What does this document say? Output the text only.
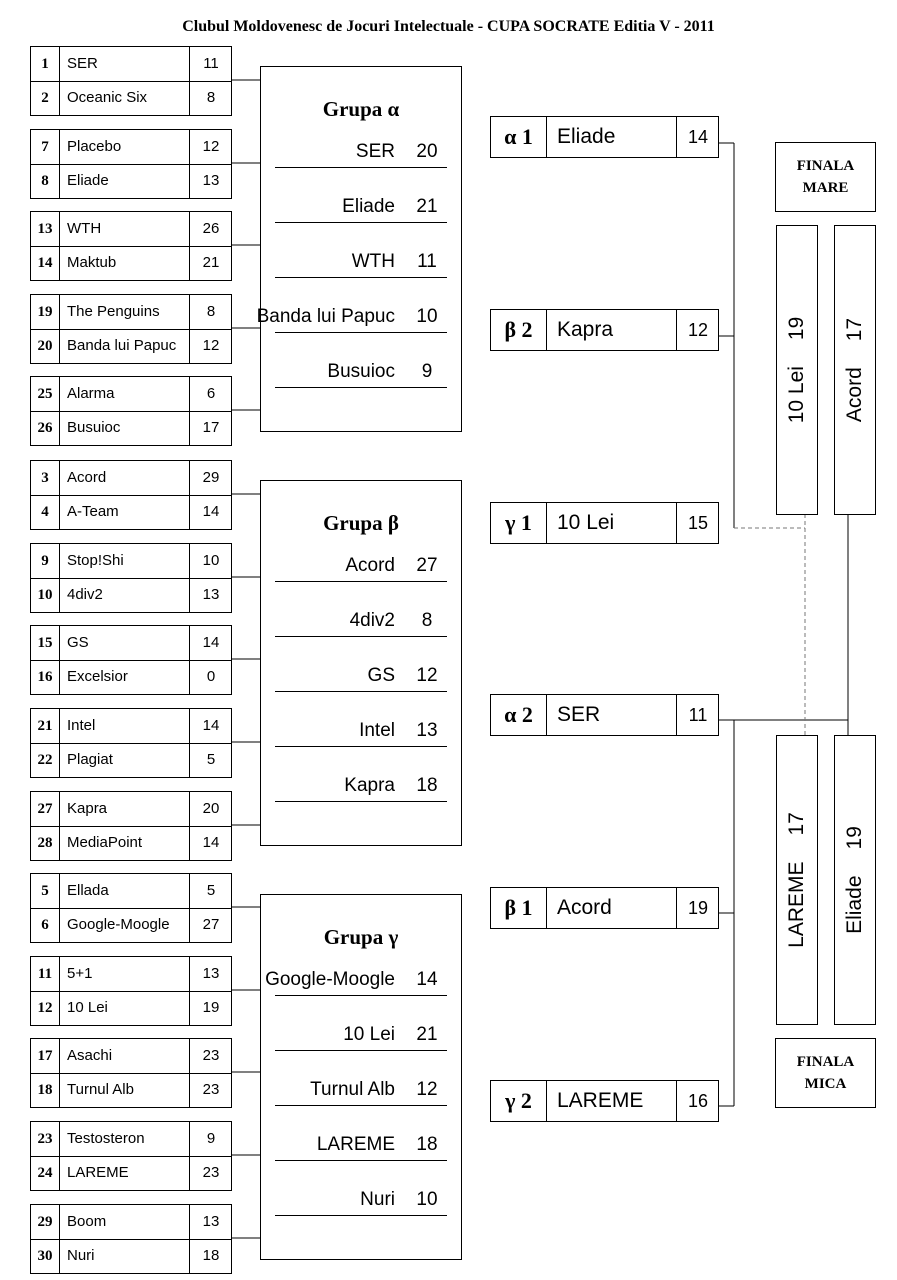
Clubul Moldovenesc de Jocuri Intelectuale - CUPA SOCRATE Editia V - 2011
1	SER	11
2	Oceanic Six	8
7	Placebo	12
8	Eliade	13
13 WTH	26
14 Maktub	21
19 The Penguins	8
20 Banda lui Papuc	12
25 Alarma	6
26 Busuioc	17
3	Acord	29
4	A-Team	14
9	Stop!Shi	10
10 4div2	13
15 GS	14
16 Excelsior	0
21 Intel	14
22 Plagiat	5
27 Kapra	20
28 MediaPoint	14
5	Ellada	5
6	Google-Moogle	27
11 5+1	13
12 10 Lei	19
17 Asachi	23
18 Turnul Alb	23
23 Testosteron	9
24 LAREME	23
29 Boom	13
30 Nuri	18
Grupa α
SER	20
Eliade	21
WTH	11
Banda lui Papuc	10
Busuioc	9
Grupa β
Acord	27
4div2	8
GS	12
Intel	13
Kapra	18
Grupa γ
Google-Moogle	14
10 Lei	21
Turnul Alb	12
LAREME	18
Nuri	10
α 1	Eliade	14
β 2	Kapra	12
γ 1	10 Lei	15
α 2	SER	11
β 1	Acord	19
γ 2	LAREME	16
FINALA
MARE
10 Lei
19
Acord
17
LAREME
17
Eliade
19
FINALA
MICA
